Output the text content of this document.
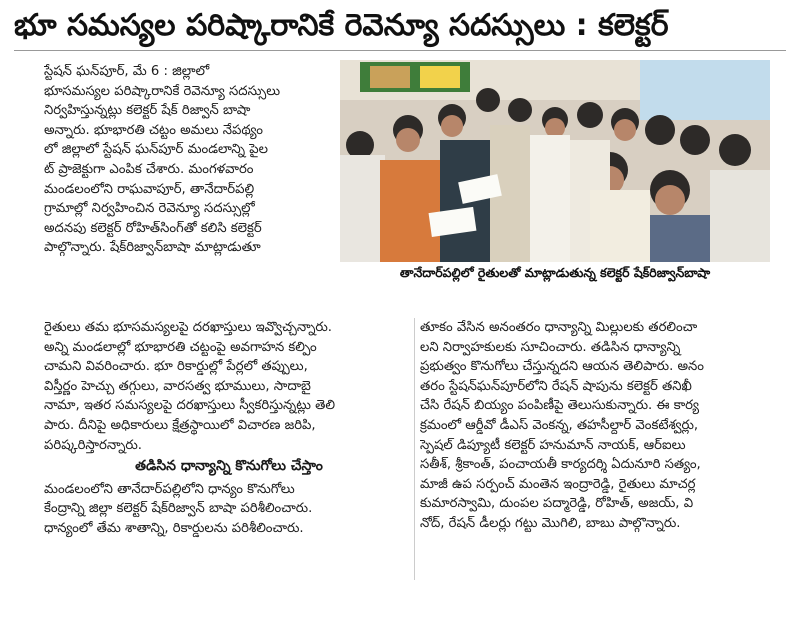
భూ సమస్యల పరిష్కారానికే రెవెన్యూ సదస్సులు : కలెక్టర్

స్టేషన్ ఘన్‌పూర్, మే 6 : జిల్లాలో

భూసమస్యల పరిష్కారానికే రెవెన్యూ సదస్సులు

నిర్వహిస్తున్నట్లు కలెక్టర్ షేక్ రిజ్వాన్ బాషా

అన్నారు. భూభారతి చట్టం అమలు నేపథ్యం

లో జిల్లాలో స్టేషన్ ఘన్‌పూర్ మండలాన్ని పైల

ట్ ప్రాజెక్టుగా ఎంపిక చేశారు. మంగళవారం

మండలంలోని రాఘవాపూర్, తానేదార్‌పల్లి

గ్రామాల్లో నిర్వహించిన రెవెన్యూ సదస్సుల్లో

అదనపు కలెక్టర్ రోహిత్‌సింగ్‌తో కలిసి కలెక్టర్

పాల్గొన్నారు. షేక్‌రిజ్వాన్‌బాషా మాట్లాడుతూ

తానేదార్‌పల్లిలో రైతులతో మాట్లాడుతున్న కలెక్టర్ షేక్‌రిజ్వాన్‌బాషా

రైతులు తమ భూసమస్యలపై దరఖాస్తులు ఇవ్వొచ్చన్నారు.

అన్ని మండలాల్లో భూభారతి చట్టంపై అవగాహన కల్పిం

చామని వివరించారు. భూ రికార్డుల్లో పేర్లలో తప్పులు,

విస్తీర్ణం హెచ్చు తగ్గులు, వారసత్వ భూములు, సాదాబై

నామా, ఇతర సమస్యలపై దరఖాస్తులు స్వీకరిస్తున్నట్లు తెలి

పారు. దీనిపై అధికారులు క్షేత్రస్థాయిలో విచారణ జరిపి,

పరిష్కరిస్తారన్నారు.

తడిసిన ధాన్యాన్ని కొనుగోలు చేస్తాం

మండలంలోని తానేదార్‌పల్లిలోని ధాన్యం కొనుగోలు

కేంద్రాన్ని జిల్లా కలెక్టర్ షేక్‌రిజ్వాన్ బాషా పరిశీలించారు.

ధాన్యంలో తేమ శాతాన్ని, రికార్డులను పరిశీలించారు.

తూకం వేసిన అనంతరం ధాన్యాన్ని మిల్లులకు తరలించా

లని నిర్వాహకులకు సూచించారు. తడిసిన ధాన్యాన్ని

ప్రభుత్వం కొనుగోలు చేస్తున్నదని ఆయన తెలిపారు. అనం

తరం స్టేషన్‌ఘన్‌పూర్‌లోని రేషన్ షాపును కలెక్టర్ తనిఖీ

చేసి రేషన్ బియ్యం పంపిణీపై తెలుసుకున్నారు. ఈ కార్య

క్రమంలో ఆర్డీవో డీఎస్ వెంకన్న, తహసీల్దార్ వెంకటేశ్వర్లు,

స్పెషల్ డిప్యూటీ కలెక్టర్ హనుమాన్ నాయక్, ఆర్ఐలు

సతీశ్, శ్రీకాంత్, పంచాయతీ కార్యదర్శి ఏదునూరి సత్యం,

మాజీ ఉప సర్పంచ్ మంతెన ఇంద్రారెడ్డి, రైతులు మాచర్ల

కుమారస్వామి, దుంపల పద్మారెడ్డి, రోహిత్, అజయ్, వి

నోద్, రేషన్ డీలర్లు గట్టు మొగిలి, బాబు పాల్గొన్నారు.
